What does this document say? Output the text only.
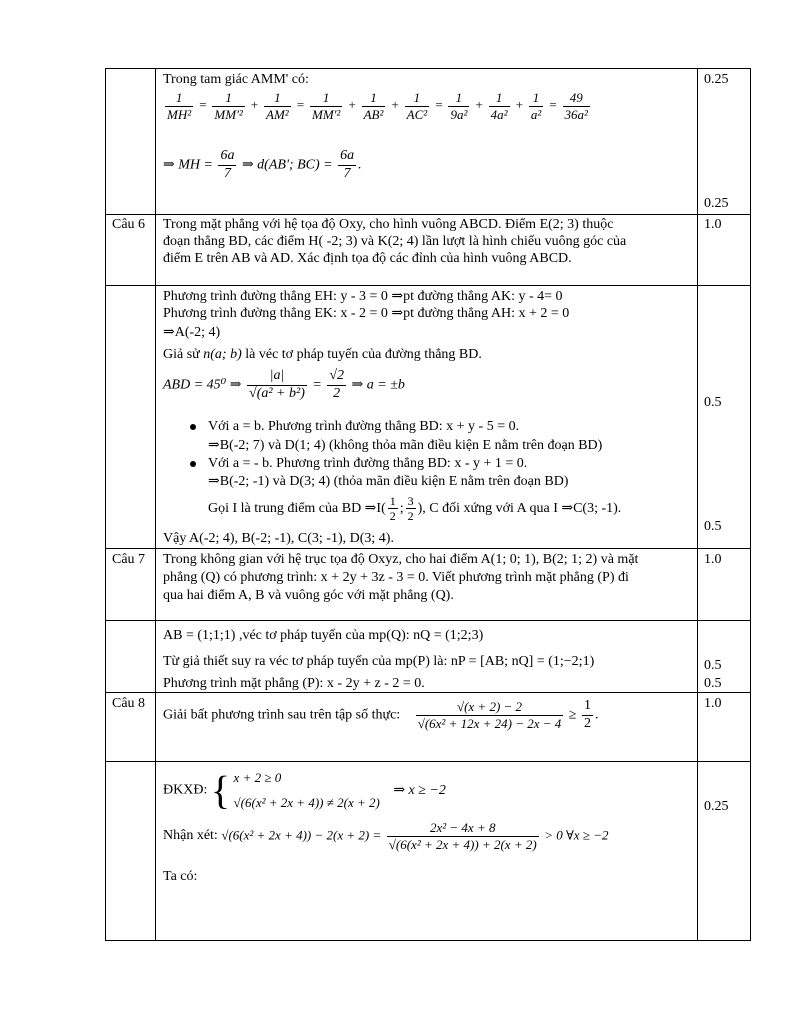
Trong tam giác AMM' có:
$\frac{1}{\text{MH²}} = \frac{1}{\text{MM'²}} + \frac{1}{\text{AM²}} = \frac{1}{\text{MM'²}} + \frac{1}{\text{AB²}} + \frac{1}{\text{AC²}} = \frac{1}{\text{9a²}} + \frac{1}{\text{4a²}} + \frac{1}{\text{a²}} = \frac{49}{\text{36a²}}$
⇒ MH = $\frac{6a}{7}$ ⇒ d(AB'; $BC) = \frac{6a}{7}$ .
0.25
0.25
Câu 6 Trong mặt phẳng với hệ tọa độ Oxy, cho hình vuông ABCD. Điểm E(2; 3) thuộc
đoạn thẳng BD, các điểm H( -2; 3) và K(2; 4) lần lượt là hình chiếu vuông góc của
điểm E trên AB và AD. Xác định tọa độ các đỉnh của hình vuông ABCD.
1.0
Phương trình đường thẳng EH: y - 3 = 0 ⇒pt đường thẳng AK: y - 4= 0
Phương trình đường thẳng EK: x - 2 = 0 ⇒pt đường thẳng AH: x + 2 = 0
⇒A(-2; 4)
Giả sử n(a; b) là véc tơ pháp tuyến của đường thẳng BD.
ABD = 45⁰ ⇒ $\frac{|a|}{\text{√(a² + b²)}} = \frac{√2}{2}$ ⇒ a = ±b
Với a = b. Phương trình đường thẳng BD: x + y - 5 = 0.
⇒B(-2; 7) và D(1; 4) (không thỏa mãn điều kiện E nằm trên đoạn BD)
Với a = - b. Phương trình đường thẳng BD: x - y + 1 = 0.
⇒B(-2; -1) và D(3; 4) (thỏa mãn điều kiện E nằm trên đoạn BD)
Gọi I là trung điểm của BD ⇒I( $\frac{1}{2}$ ; $\frac{3}{2}$ ), C đối xứng với A qua I ⇒C(3; -1).
Vậy A(-2; 4), B(-2; -1), C(3; -1), D(3; 4).
0.5
0.5
Câu 7 Trong không gian với hệ trục tọa độ Oxyz, cho hai điểm A(1; 0; 1), B(2; 1; 2) và mặt
phẳng (Q) có phương trình: x + 2y + 3z - 3 = 0. Viết phương trình mặt phẳng (P) đi
qua hai điểm A, B và vuông góc với mặt phẳng (Q).
1.0
AB = (1;1;1) ,véc tơ pháp tuyến của mp(Q): nQ = (1;2;3)
Từ giả thiết suy ra véc tơ pháp tuyến của mp(P) là: nP = [AB; nQ] = (1;−2;1)
Phương trình mặt phẳng (P): x - 2y + z - 2 = 0.
0.5
0.5
Câu 8
Giải bất phương trình sau trên tập số thực: $\frac{√(x + 2) - 2}{\text{√(6x² + 12x + 24) − 2x − 4}} \ge \frac{1}{2}$ .
1.0
ĐKXĐ: { x + 2 ≥ 0
√(6(x² + 2x + 4)) ≠ 2(x + 2)
⇒ x ≥ −2
Nhận xét: $√(6(x^2 + 2x + 4)) - 2(x + 2) = \frac{\text{2x² − 4x + 8}}{\text{√(6(x² + 2x + 4)) + 2(x + 2)}} > 0$ ∀x ≥ −2
Ta có:
0.25
